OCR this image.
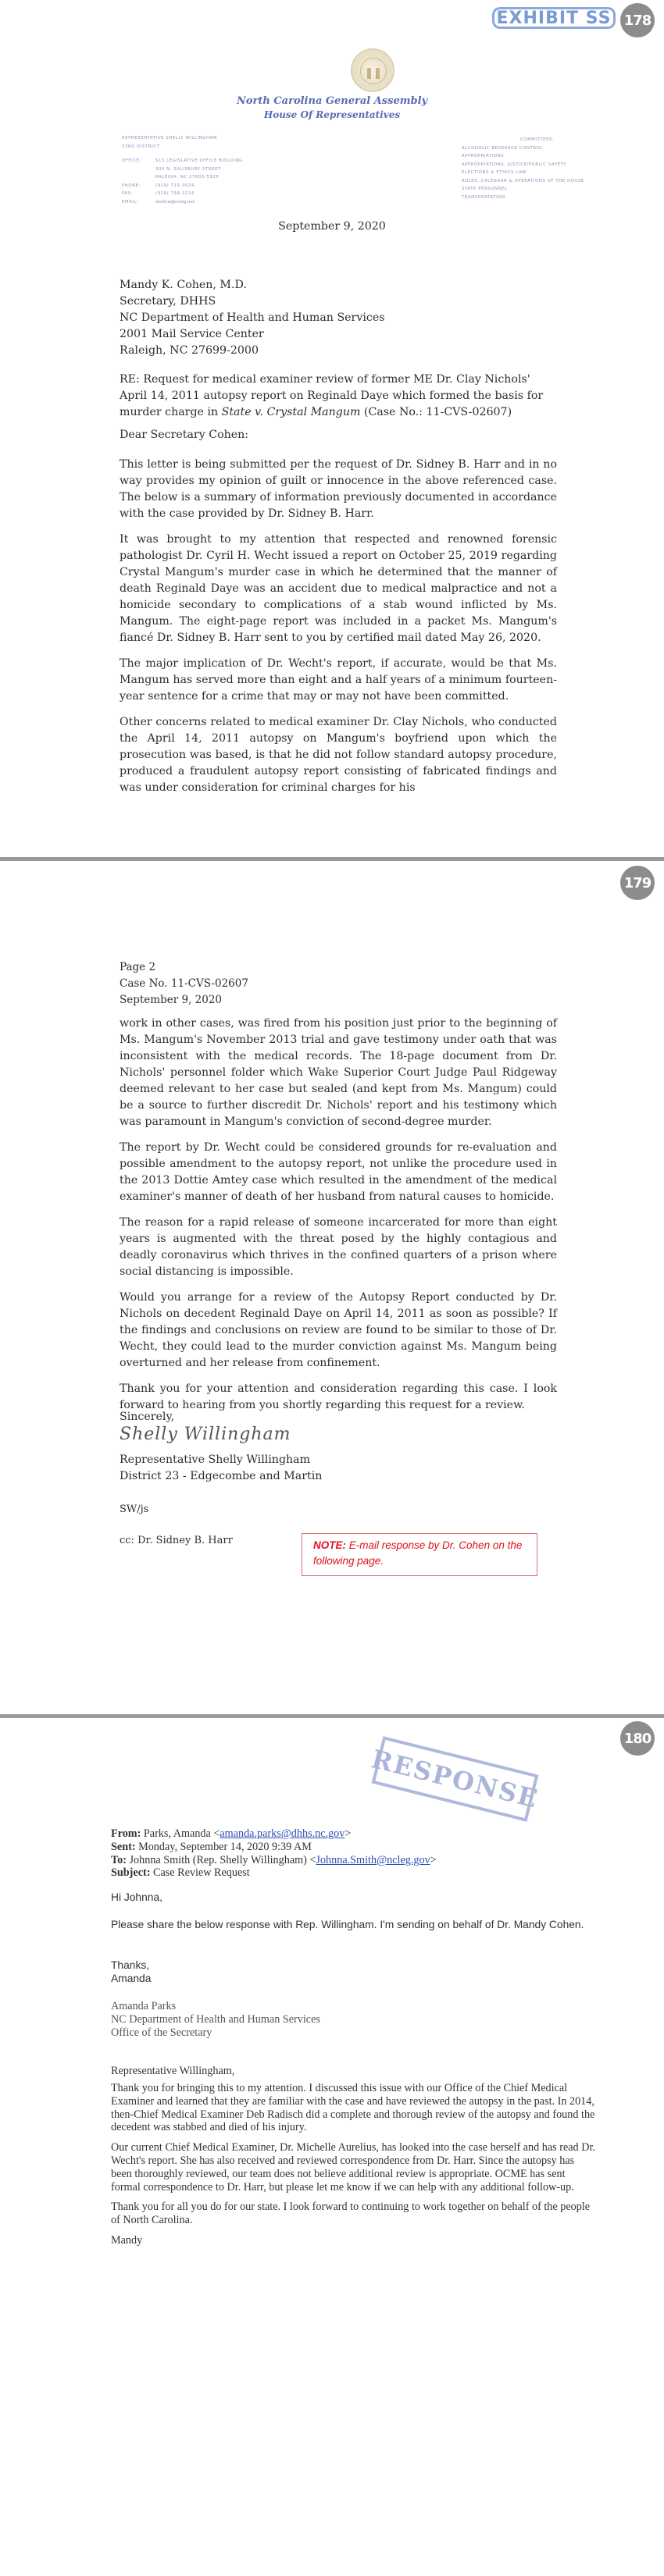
EXHIBIT SS 178
North Carolina General Assembly
House Of Representatives
REPRESENTATIVE SHELLY WILLINGHAM
23RD DISTRICT
OFFICE:	513 LEGISLATIVE OFFICE BUILDING
300 N. SALISBURY STREET
RALEIGH, NC 27603-5925
PHONE:	(919) 715-3024
FAX:	(919) 754-3224
EMAIL:	shellyw@ncleg.net
COMMITTEES:
ALCOHOLIC BEVERAGE CONTROL
APPROPRIATIONS
APPROPRIATIONS, JUSTICE/PUBLIC SAFETY
ELECTIONS & ETHICS LAW
RULES, CALENDAR & OPERATIONS OF THE HOUSE
STATE PERSONNEL
TRANSPORTATION
September 9, 2020
Mandy K. Cohen, M.D.
Secretary, DHHS
NC Department of Health and Human Services
2001 Mail Service Center
Raleigh, NC 27699-2000

RE: Request for medical examiner review of former ME Dr. Clay Nichols' April 14, 2011 autopsy report on Reginald Daye which formed the basis for murder charge in State v. Crystal Mangum (Case No.: 11-CVS-02607)

Dear Secretary Cohen:

This letter is being submitted per the request of Dr. Sidney B. Harr and in no way provides my opinion of guilt or innocence in the above referenced case. The below is a summary of information previously documented in accordance with the case provided by Dr. Sidney B. Harr.

It was brought to my attention that respected and renowned forensic pathologist Dr. Cyril H. Wecht issued a report on October 25, 2019 regarding Crystal Mangum's murder case in which he determined that the manner of death Reginald Daye was an accident due to medical malpractice and not a homicide secondary to complications of a stab wound inflicted by Ms. Mangum. The eight-page report was included in a packet Ms. Mangum's fiancé Dr. Sidney B. Harr sent to you by certified mail dated May 26, 2020.

The major implication of Dr. Wecht's report, if accurate, would be that Ms. Mangum has served more than eight and a half years of a minimum fourteen-year sentence for a crime that may or may not have been committed.

Other concerns related to medical examiner Dr. Clay Nichols, who conducted the April 14, 2011 autopsy on Mangum's boyfriend upon which the prosecution was based, is that he did not follow standard autopsy procedure, produced a fraudulent autopsy report consisting of fabricated findings and was under consideration for criminal charges for his

179
Page 2
Case No. 11-CVS-02607
September 9, 2020

work in other cases, was fired from his position just prior to the beginning of Ms. Mangum's November 2013 trial and gave testimony under oath that was inconsistent with the medical records. The 18-page document from Dr. Nichols' personnel folder which Wake Superior Court Judge Paul Ridgeway deemed relevant to her case but sealed (and kept from Ms. Mangum) could be a source to further discredit Dr. Nichols' report and his testimony which was paramount in Mangum's conviction of second-degree murder.

The report by Dr. Wecht could be considered grounds for re-evaluation and possible amendment to the autopsy report, not unlike the procedure used in the 2013 Dottie Amtey case which resulted in the amendment of the medical examiner's manner of death of her husband from natural causes to homicide.

The reason for a rapid release of someone incarcerated for more than eight years is augmented with the threat posed by the highly contagious and deadly coronavirus which thrives in the confined quarters of a prison where social distancing is impossible.

Would you arrange for a review of the Autopsy Report conducted by Dr. Nichols on decedent Reginald Daye on April 14, 2011 as soon as possible? If the findings and conclusions on review are found to be similar to those of Dr. Wecht, they could lead to the murder conviction against Ms. Mangum being overturned and her release from confinement.

Thank you for your attention and consideration regarding this case. I look forward to hearing from you shortly regarding this request for a review.

Sincerely,
Shelly Willingham
Representative Shelly Willingham
District 23 - Edgecombe and Martin
SW/js
cc: Dr. Sidney B. Harr	NOTE: E-mail response by Dr. Cohen on the following page.
180
RESPONSE
From: Parks, Amanda <amanda.parks@dhhs.nc.gov>
Sent: Monday, September 14, 2020 9:39 AM
To: Johnna Smith (Rep. Shelly Willingham) <Johnna.Smith@ncleg.gov>
Subject: Case Review Request
Hi Johnna,
Please share the below response with Rep. Willingham. I'm sending on behalf of Dr. Mandy Cohen.
Thanks,
Amanda
Amanda Parks
NC Department of Health and Human Services
Office of the Secretary
Representative Willingham,

Thank you for bringing this to my attention. I discussed this issue with our Office of the Chief Medical Examiner and learned that they are familiar with the case and have reviewed the autopsy in the past. In 2014, then-Chief Medical Examiner Deb Radisch did a complete and thorough review of the autopsy and found the decedent was stabbed and died of his injury.

Our current Chief Medical Examiner, Dr. Michelle Aurelius, has looked into the case herself and has read Dr. Wecht's report. She has also received and reviewed correspondence from Dr. Harr. Since the autopsy has been thoroughly reviewed, our team does not believe additional review is appropriate. OCME has sent formal correspondence to Dr. Harr, but please let me know if we can help with any additional follow-up.

Thank you for all you do for our state. I look forward to continuing to work together on behalf of the people of North Carolina.

Mandy
